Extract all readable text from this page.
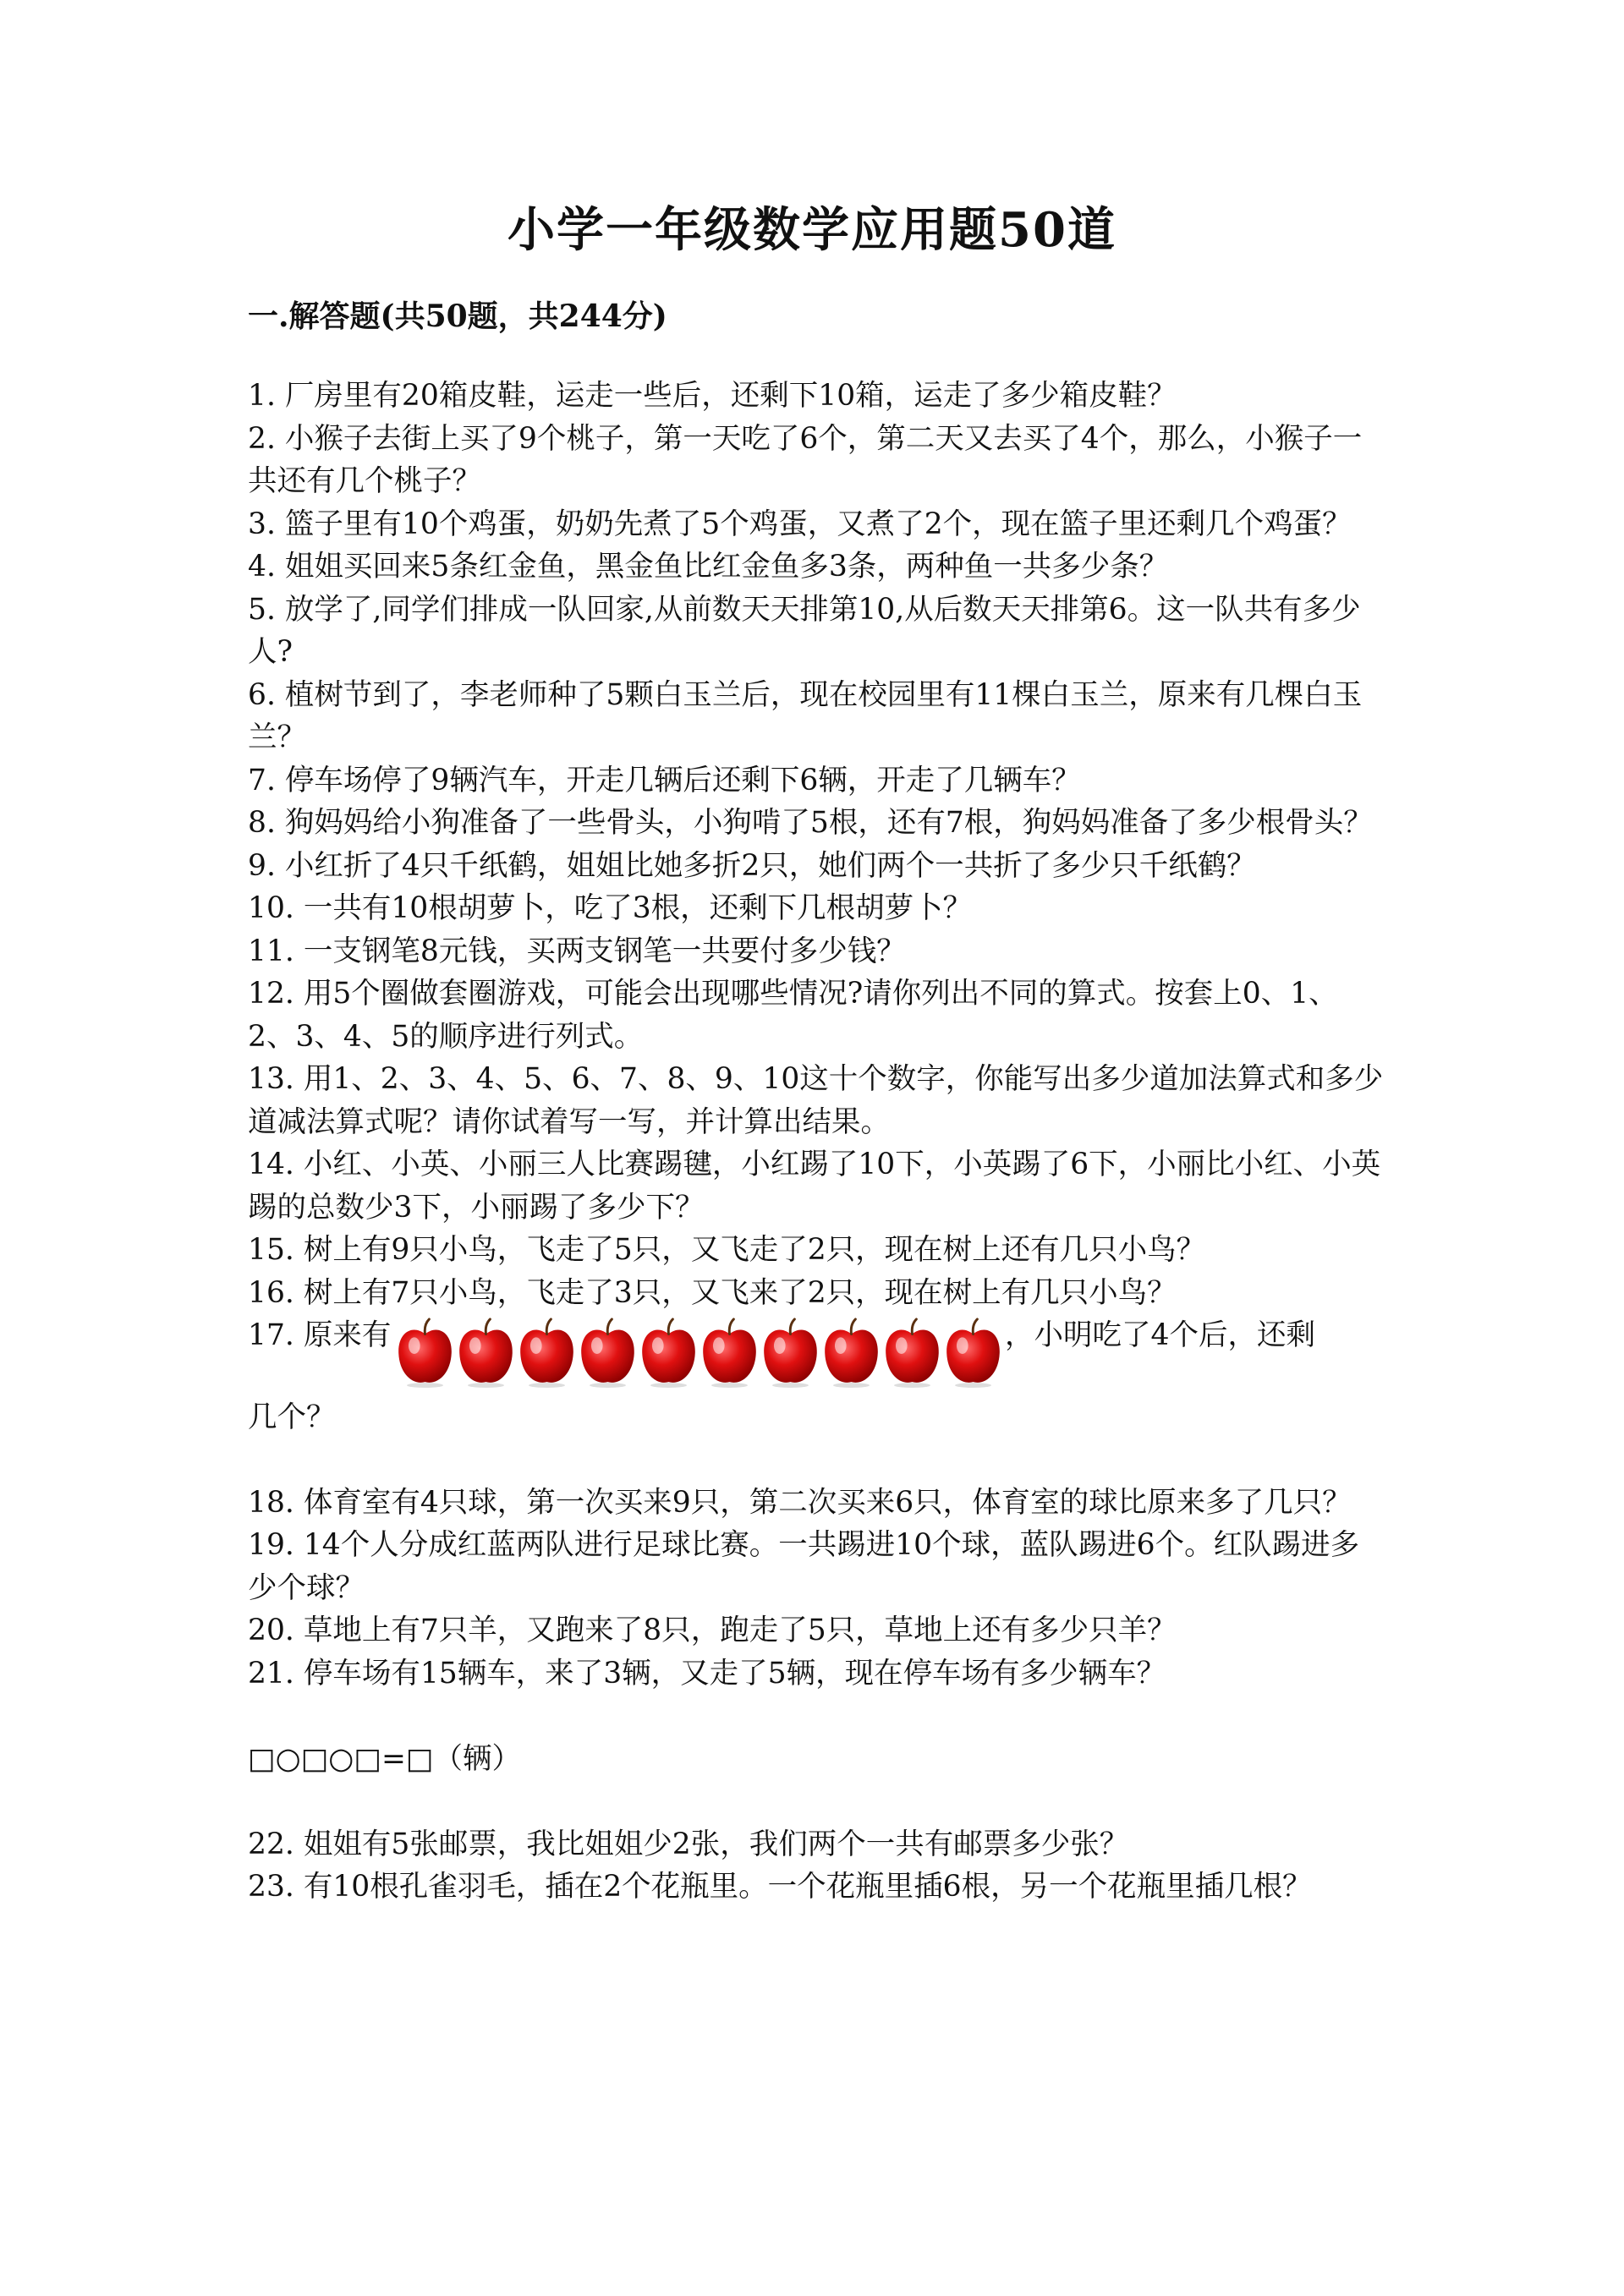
小学一年级数学应用题50道
一.解答题(共50题，共244分)

1. 厂房里有20箱皮鞋，运走一些后，还剩下10箱，运走了多少箱皮鞋？

2. 小猴子去街上买了9个桃子，第一天吃了6个，第二天又去买了4个，那么，小猴子一共还有几个桃子？

3. 篮子里有10个鸡蛋，奶奶先煮了5个鸡蛋，又煮了2个，现在篮子里还剩几个鸡蛋？

4. 姐姐买回来5条红金鱼，黑金鱼比红金鱼多3条，两种鱼一共多少条？

5. 放学了,同学们排成一队回家,从前数天天排第10,从后数天天排第6。这一队共有多少人?

6. 植树节到了，李老师种了5颗白玉兰后，现在校园里有11棵白玉兰，原来有几棵白玉兰？

7. 停车场停了9辆汽车，开走几辆后还剩下6辆，开走了几辆车？

8. 狗妈妈给小狗准备了一些骨头，小狗啃了5根，还有7根，狗妈妈准备了多少根骨头？

9. 小红折了4只千纸鹤，姐姐比她多折2只，她们两个一共折了多少只千纸鹤？

10. 一共有10根胡萝卜，吃了3根，还剩下几根胡萝卜？

11. 一支钢笔8元钱，买两支钢笔一共要付多少钱？

12. 用5个圈做套圈游戏，可能会出现哪些情况?请你列出不同的算式。按套上0、1、2、3、4、5的顺序进行列式。

13. 用1、2、3、4、5、6、7、8、9、10这十个数字，你能写出多少道加法算式和多少道减法算式呢？请你试着写一写，并计算出结果。

14. 小红、小英、小丽三人比赛踢毽，小红踢了10下，小英踢了6下，小丽比小红、小英踢的总数少3下，小丽踢了多少下？

15. 树上有9只小鸟，飞走了5只，又飞走了2只，现在树上还有几只小鸟？

16. 树上有7只小鸟，飞走了3只，又飞来了2只，现在树上有几只小鸟？

17. 原来有	，小明吃了4个后，还剩

几个？

18. 体育室有4只球，第一次买来9只，第二次买来6只，体育室的球比原来多了几只？

19. 14个人分成红蓝两队进行足球比赛。一共踢进10个球，蓝队踢进6个。红队踢进多少个球？

20. 草地上有7只羊，又跑来了8只，跑走了5只，草地上还有多少只羊？

21. 停车场有15辆车，来了3辆，又走了5辆，现在停车场有多少辆车？

□○□○□=□（辆）

22. 姐姐有5张邮票，我比姐姐少2张，我们两个一共有邮票多少张？

23. 有10根孔雀羽毛，插在2个花瓶里。一个花瓶里插6根，另一个花瓶里插几根？
